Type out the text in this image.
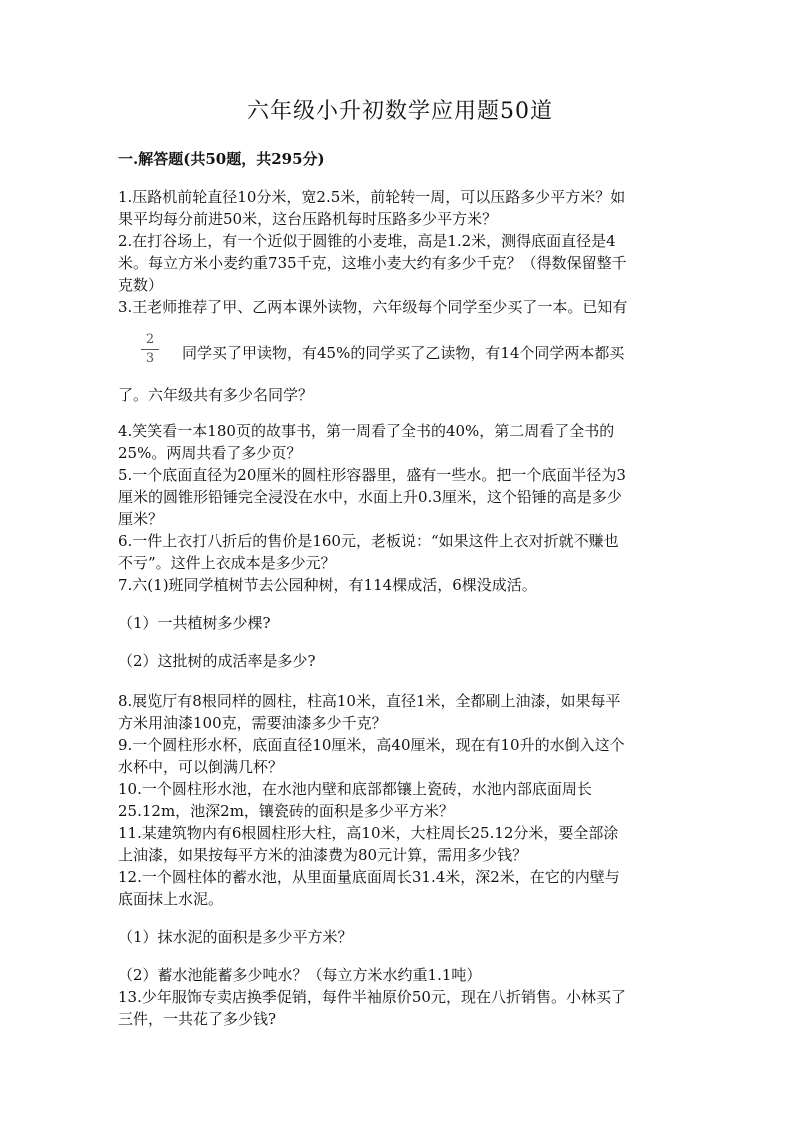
六年级小升初数学应用题50道
一.解答题(共50题，共295分)
1.压路机前轮直径10分米，宽2.5米，前轮转一周，可以压路多少平方米？如
果平均每分前进50米，这台压路机每时压路多少平方米？
2.在打谷场上，有一个近似于圆锥的小麦堆，高是1.2米，测得底面直径是4
米。每立方米小麦约重735千克，这堆小麦大约有多少千克？（得数保留整千
克数）
3.王老师推荐了甲、乙两本课外读物，六年级每个同学至少买了一本。已知有
2
3	同学买了甲读物，有45%的同学买了乙读物，有14个同学两本都买
了。六年级共有多少名同学？
4.笑笑看一本180页的故事书，第一周看了全书的40%，第二周看了全书的
25%。两周共看了多少页？
5.一个底面直径为20厘米的圆柱形容器里，盛有一些水。把一个底面半径为3
厘米的圆锥形铅锤完全浸没在水中，水面上升0.3厘米，这个铅锤的高是多少
厘米？
6.一件上衣打八折后的售价是160元，老板说：“如果这件上衣对折就不赚也
不亏”。这件上衣成本是多少元？
7.六(1)班同学植树节去公园种树，有114棵成活，6棵没成活。
（1）一共植树多少棵?
（2）这批树的成活率是多少?
8.展览厅有8根同样的圆柱，柱高10米，直径1米，全都刷上油漆，如果每平
方米用油漆100克，需要油漆多少千克？
9.一个圆柱形水杯，底面直径10厘米，高40厘米，现在有10升的水倒入这个
水杯中，可以倒满几杯？
10.一个圆柱形水池，在水池内壁和底部都镶上瓷砖，水池内部底面周长
25.12m，池深2m，镶瓷砖的面积是多少平方米？
11.某建筑物内有6根圆柱形大柱，高10米，大柱周长25.12分米，要全部涂
上油漆，如果按每平方米的油漆费为80元计算，需用多少钱？
12.一个圆柱体的蓄水池，从里面量底面周长31.4米，深2米，在它的内壁与
底面抹上水泥。
（1）抹水泥的面积是多少平方米？
（2）蓄水池能蓄多少吨水？（每立方米水约重1.1吨）
13.少年服饰专卖店换季促销，每件半袖原价50元，现在八折销售。小林买了
三件，一共花了多少钱?
